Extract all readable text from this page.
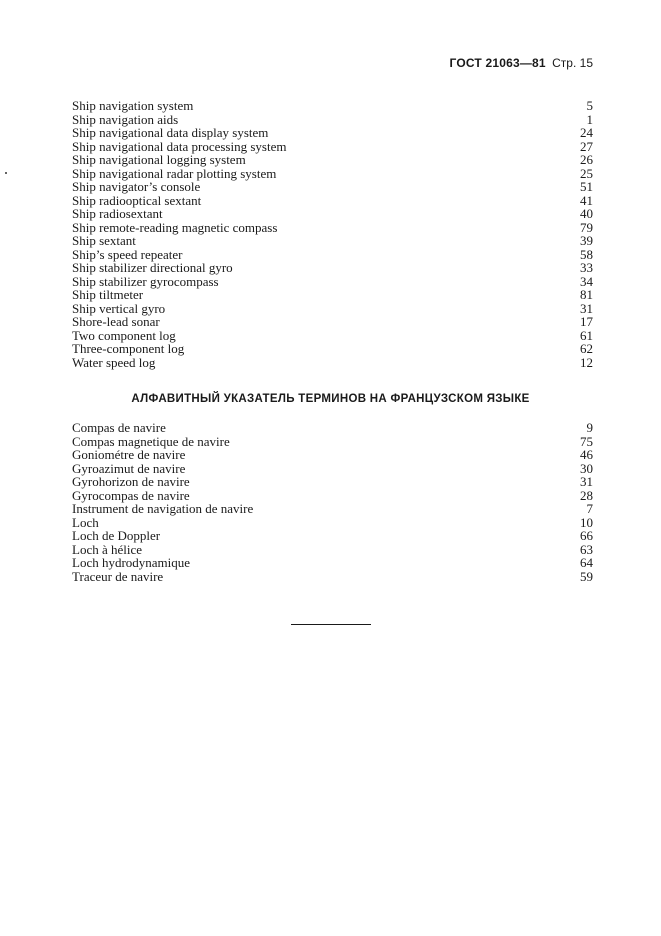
ГОСТ 21063—81 Стр. 15
Ship navigation system	5
Ship navigation aids	1
Ship navigational data display system	24
Ship navigational data processing system	27
Ship navigational logging system	26
Ship navigational radar plotting system	25
Ship navigator’s console	51
Ship radiooptical sextant	41
Ship radiosextant	40
Ship remote-reading magnetic compass	79
Ship sextant	39
Ship’s speed repeater	58
Ship stabilizer directional gyro	33
Ship stabilizer gyrocompass	34
Ship tiltmeter	81
Ship vertical gyro	31
Shore-lead sonar	17
Two component log	61
Three-component log	62
Water speed log	12
АЛФАВИТНЫЙ УКАЗАТЕЛЬ ТЕРМИНОВ НА ФРАНЦУЗСКОМ ЯЗЫКЕ
Compas de navire	9
Compas magnetique de navire	75
Goniométre de navire	46
Gyroazimut de navire	30
Gyrohorizon de navire	31
Gyrocompas de navire	28
Instrument de navigation de navire	7
Loch	10
Loch de Doppler	66
Loch à hélice	63
Loch hydrodynamique	64
Traceur de navire	59
